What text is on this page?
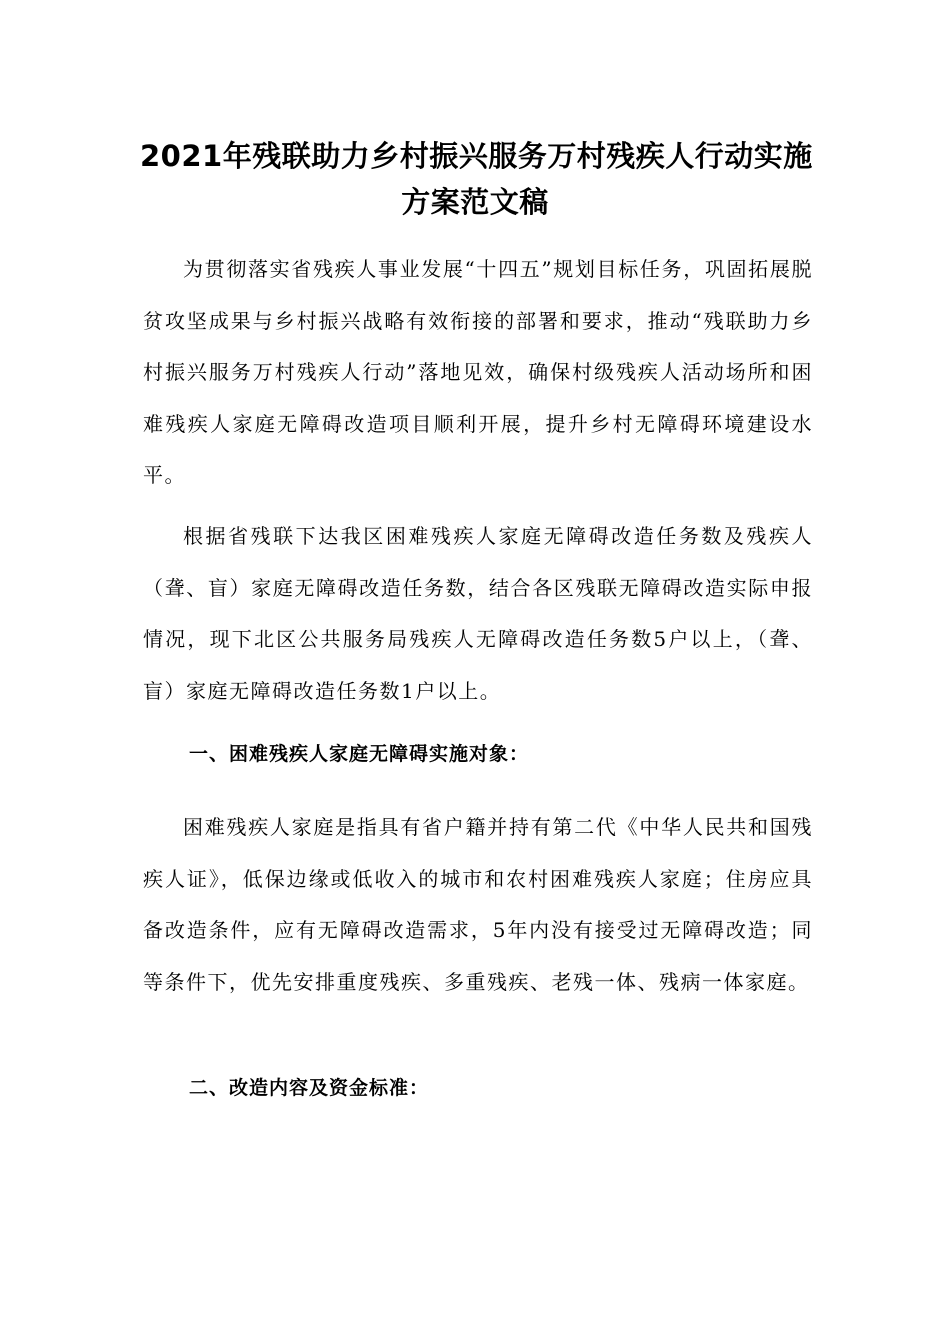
2021年残联助力乡村振兴服务万村残疾人行动实施
方案范文稿
为贯彻落实省残疾人事业发展“十四五”规划目标任务，巩固拓展脱贫攻坚成果与乡村振兴战略有效衔接的部署和要求，推动“残联助力乡村振兴服务万村残疾人行动”落地见效，确保村级残疾人活动场所和困难残疾人家庭无障碍改造项目顺利开展，提升乡村无障碍环境建设水平。
根据省残联下达我区困难残疾人家庭无障碍改造任务数及残疾人（聋、盲）家庭无障碍改造任务数，结合各区残联无障碍改造实际申报情况，现下北区公共服务局残疾人无障碍改造任务数5户以上，（聋、盲）家庭无障碍改造任务数1户以上。
一、困难残疾人家庭无障碍实施对象：
困难残疾人家庭是指具有省户籍并持有第二代《中华人民共和国残疾人证》，低保边缘或低收入的城市和农村困难残疾人家庭；住房应具备改造条件，应有无障碍改造需求，5年内没有接受过无障碍改造；同等条件下，优先安排重度残疾、多重残疾、老残一体、残病一体家庭。
二、改造内容及资金标准：
